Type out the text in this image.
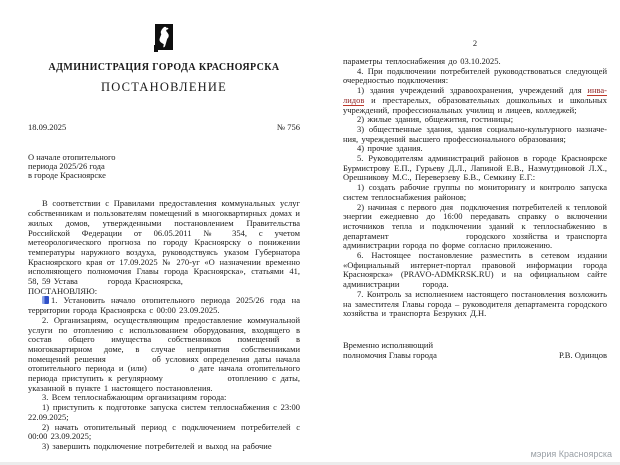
АДМИНИСТРАЦИЯ ГОРОДА КРАСНОЯРСКА
ПОСТАНОВЛЕНИЕ
18.09.2025	№ 756
О начале отопительного
периода 2025/26 года
в городе Красноярске

В соответствии с Правилами предоставления коммунальных услуг собственникам и пользователям помещений в многоквартирных домах и жилых домов, утвержденными постановлением Правительства Российской Федерации от 06.05.2011 № 354, с учетом метеорологического прогноза по городу Красноярску о понижении температуры наружного воздуха, руководствуясь указом Губернатора Красноярского края от 17.09.2025 № 270-уг «О назначении временно исполняющего полномочия Главы города Красноярска», статьями 41, 58, 59 Устава         города Красноярска,

ПОСТАНОВЛЯЮ:

1. Установить начало отопительного периода 2025/26 года на территории города Красноярска с 00:00 23.09.2025.

2. Организациям, осуществляющим предоставление коммунальной услуги по отоплению с использованием оборудования, входящего в состав общего имущества собственников помещений в многоквартирном доме, в случае непринятия собственниками помещений решения          об условиях определения даты начала отопительного периода и (или)          о дате начала отопительного периода приступить к регулярному              отоплению с даты, указанной в пункте 1 настоящего постановления.

3. Всем теплоснабжающим организациям города:

1) приступить к подготовке запуска систем теплоснабжения с 23:00 22.09.2025;

2) начать отопительный период с подключением потребителей с 00:00 23.09.2025;

3) завершить подключение потребителей и выход на рабочие

2

параметры теплоснабжения до 03.10.2025.

4. При подключении потребителей руководствоваться следующей очередностью подключения:

1) здания учреждений здравоохранения, учреждений для инва-лидов и престарелых, образовательных дошкольных и школьных учреждений, профессиональных училищ и лицеев, колледжей;

2) жилые здания, общежития, гостиницы;

3) общественные здания, здания социально-культурного назначе-ния, учреждений высшего профессионального образования;

4) прочие здания.

5. Руководителям администраций районов в городе Красноярске Бурмистрову Е.П., Гурьеву Д.Л., Лапиной Е.В., Назмутдиновой Л.Х., Орешникову М.С., Переверзеву Б.В., Семкину Е.Г.:

1) создать рабочие группы по мониторингу и контролю запуска систем теплоснабжения районов;

2) начиная с первого дня  подключения потребителей к тепловой энергии ежедневно до 16:00 передавать справку о включении источников тепла и подключении зданий к теплоснабжению в департамент           городского хозяйства и транспорта администрации города по форме согласно приложению.

6. Настоящее постановление разместить в сетевом издании «Официальный интернет-портал правовой информации города Красноярска» (PRAVO-ADMKRSK.RU) и на официальном сайте администрации       города.

7. Контроль за исполнением настоящего постановления возложить на заместителя Главы города – руководителя департамента городского хозяйства и транспорта Безруких Д.Н.

Временно исполняющий
полномочия Главы города	Р.В. Одинцов
мэрия Красноярска
